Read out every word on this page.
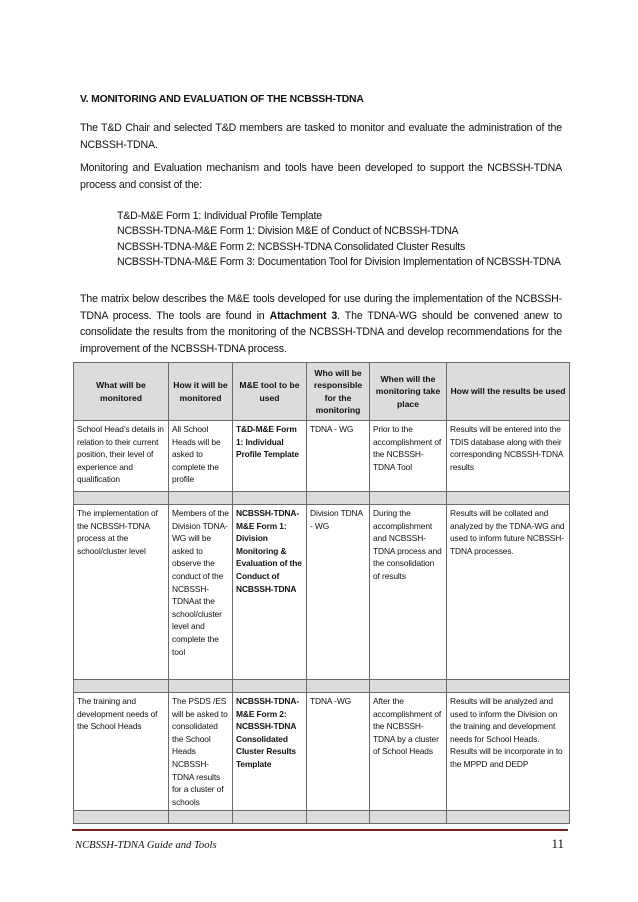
V. MONITORING AND EVALUATION OF THE NCBSSH-TDNA
The T&D Chair and selected T&D members are tasked to monitor and evaluate the administration of the NCBSSH-TDNA.
Monitoring and Evaluation mechanism and tools have been developed to support the NCBSSH-TDNA process and consist of the:
T&D-M&E Form 1: Individual Profile Template
NCBSSH-TDNA-M&E Form 1: Division M&E of Conduct of NCBSSH-TDNA
NCBSSH-TDNA-M&E Form 2: NCBSSH-TDNA Consolidated Cluster Results
NCBSSH-TDNA-M&E Form 3: Documentation Tool for Division Implementation of NCBSSH-TDNA
The matrix below describes the M&E tools developed for use during the implementation of the NCBSSH-TDNA process. The tools are found in Attachment 3. The TDNA-WG should be convened anew to consolidate the results from the monitoring of the NCBSSH-TDNA and develop recommendations for the improvement of the NCBSSH-TDNA process.
What will be monitored	How it will be monitored	M&E tool to be used	Who will be responsible for the monitoring	When will the monitoring take place	How will the results be used
School Head’s details in relation to their current position, their level of experience and qualification	All School Heads will be asked to complete the profile	T&D-M&E Form 1: Individual Profile Template	TDNA - WG	Prior to the accomplishment of the NCBSSH-TDNA Tool	Results will be entered into the TDIS database along with their corresponding NCBSSH-TDNA results

The implementation of the NCBSSH-TDNA process at the school/cluster level	Members of the Division TDNA- WG will be asked to observe the conduct of the NCBSSH-TDNAat the school/cluster level and complete the tool	NCBSSH-TDNA-M&E Form 1: Division Monitoring & Evaluation of the Conduct of NCBSSH-TDNA	Division TDNA - WG	During the accomplishment and NCBSSH-TDNA process and the consolidation of results	Results will be collated and analyzed by the TDNA-WG and used to inform future NCBSSH-TDNA processes.

The training and development needs of the School Heads	The PSDS /ES will be asked to consolidated the School Heads NCBSSH-TDNA results for a cluster of schools	NCBSSH-TDNA-M&E Form 2: NCBSSH-TDNA Consolidated Cluster Results Template	TDNA -WG	After the accomplishment of the NCBSSH-TDNA by a cluster of School Heads	Results will be analyzed and used to inform the Division on the training and development needs for School Heads. Results will be incorporate in to the MPPD and DEDP

NCBSSH-TDNA Guide and Tools	11
